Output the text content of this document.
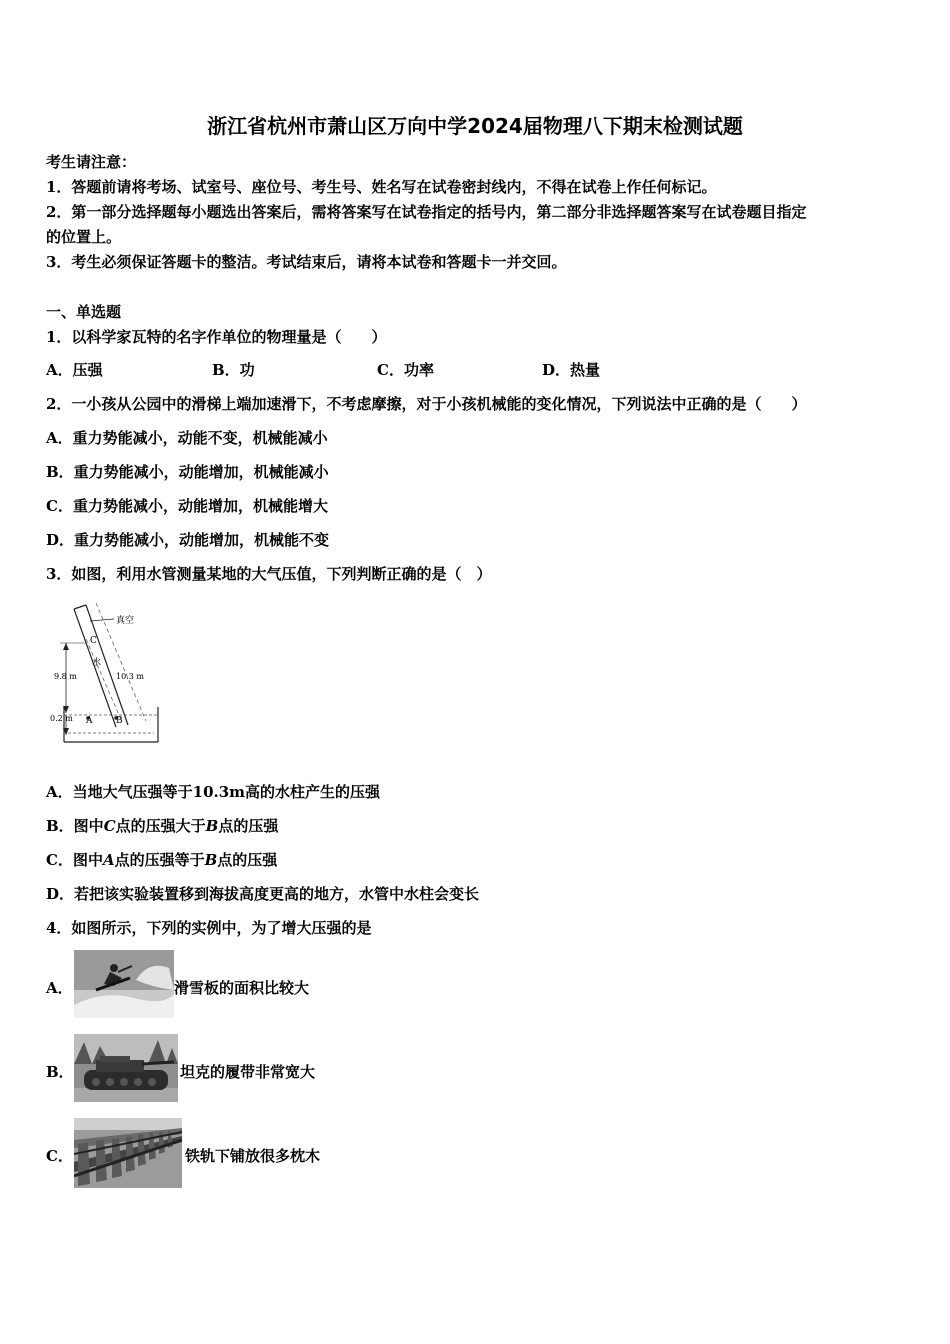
浙江省杭州市萧山区万向中学2024届物理八下期末检测试题
考生请注意：
1．答题前请将考场、试室号、座位号、考生号、姓名写在试卷密封线内，不得在试卷上作任何标记。
2．第一部分选择题每小题选出答案后，需将答案写在试卷指定的括号内，第二部分非选择题答案写在试卷题目指定
的位置上。
3．考生必须保证答题卡的整洁。考试结束后，请将本试卷和答题卡一并交回。
一、单选题
1．以科学家瓦特的名字作单位的物理量是（　　）
A．压强	B．功	C．功率	D．热量
2．一小孩从公园中的滑梯上端加速滑下，不考虑摩擦，对于小孩机械能的变化情况，下列说法中正确的是（　　）
A．重力势能减小，动能不变，机械能减小
B．重力势能减小，动能增加，机械能减小
C．重力势能减小，动能增加，机械能增大
D．重力势能减小，动能增加，机械能不变
3．如图，利用水管测量某地的大气压值，下列判断正确的是（　）
真空
C
水
9.8 m	10.3 m
0.2 m A	B
A．当地大气压强等于10.3m高的水柱产生的压强
B．图中C点的压强大于B点的压强
C．图中A点的压强等于B点的压强
D．若把该实验装置移到海拔高度更高的地方，水管中水柱会变长
4．如图所示，下列的实例中，为了增大压强的是
A．	滑雪板的面积比较大
B．	坦克的履带非常宽大
C．	铁轨下铺放很多枕木
